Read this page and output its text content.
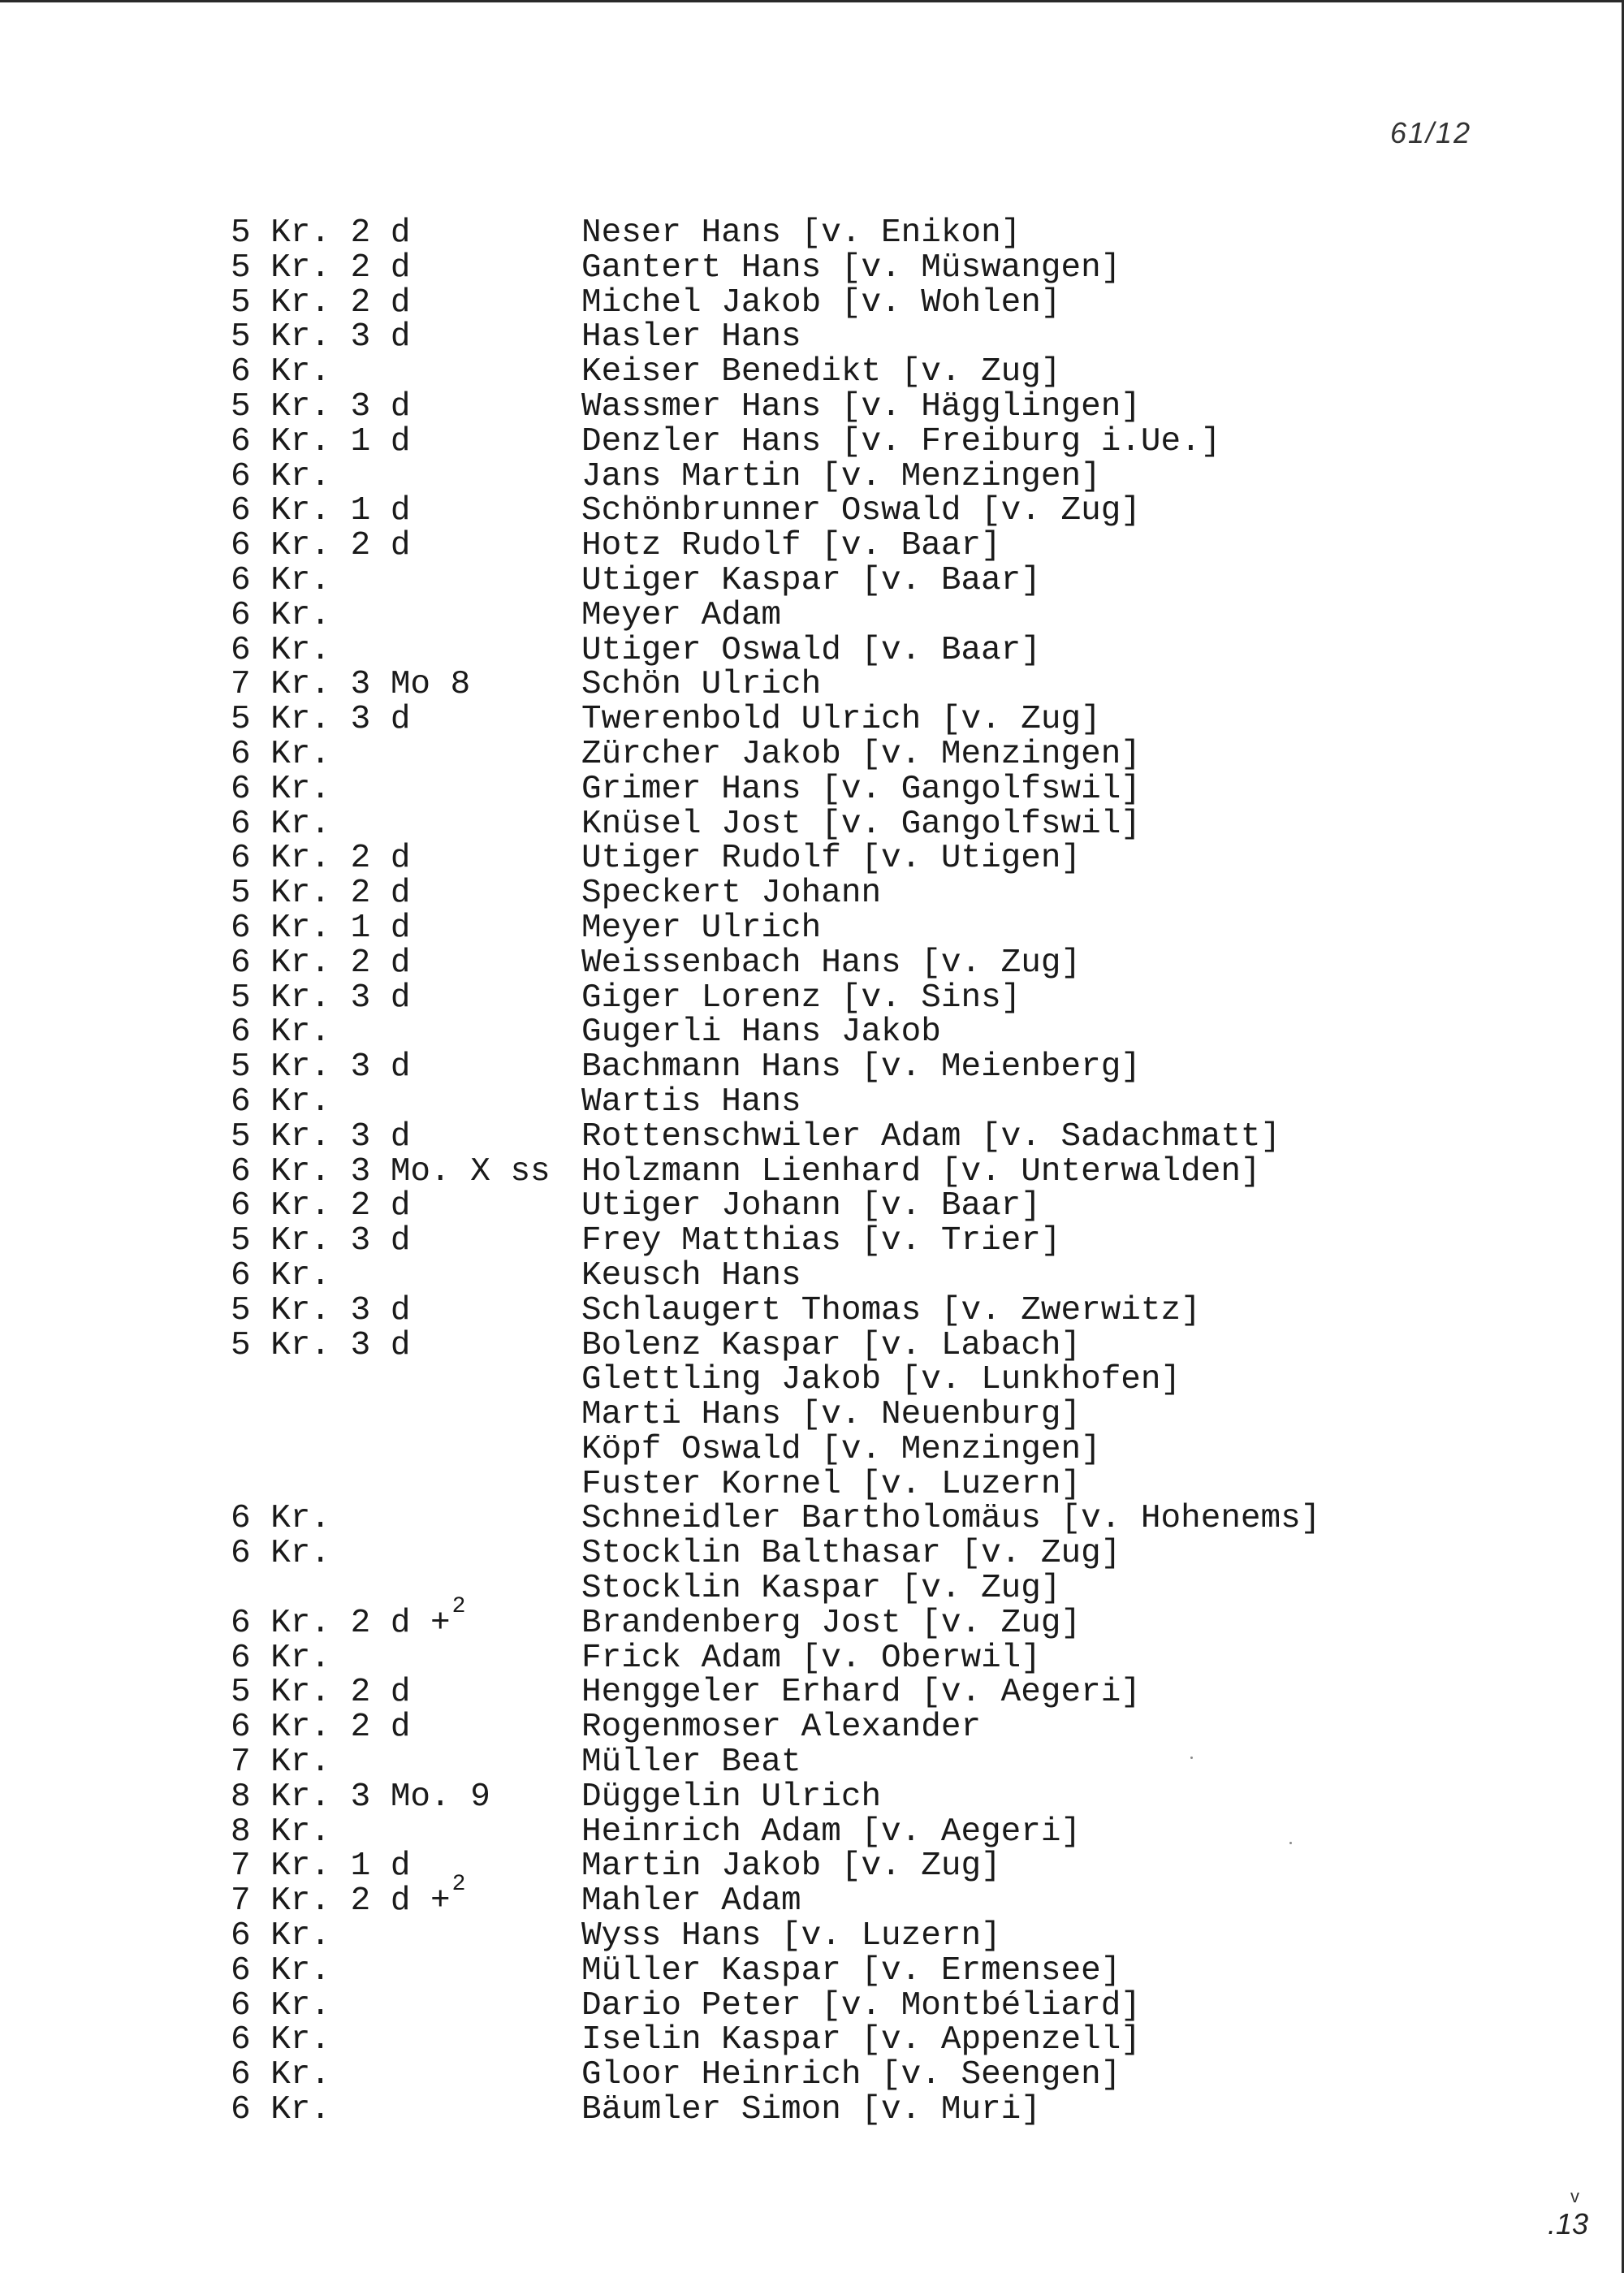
61/12
5 Kr. 2 d	Neser Hans [v. Enikon]
5 Kr. 2 d	Gantert Hans [v. Müswangen]
5 Kr. 2 d	Michel Jakob [v. Wohlen]
5 Kr. 3 d	Hasler Hans
6 Kr.	Keiser Benedikt [v. Zug]
5 Kr. 3 d	Wassmer Hans [v. Hägglingen]
6 Kr. 1 d	Denzler Hans [v. Freiburg i.Ue.]
6 Kr.	Jans Martin [v. Menzingen]
6 Kr. 1 d	Schönbrunner Oswald [v. Zug]
6 Kr. 2 d	Hotz Rudolf [v. Baar]
6 Kr.	Utiger Kaspar [v. Baar]
6 Kr.	Meyer Adam
6 Kr.	Utiger Oswald [v. Baar]
7 Kr. 3 Mo 8	Schön Ulrich
5 Kr. 3 d	Twerenbold Ulrich [v. Zug]
6 Kr.	Zürcher Jakob [v. Menzingen]
6 Kr.	Grimer Hans [v. Gangolfswil]
6 Kr.	Knüsel Jost [v. Gangolfswil]
6 Kr. 2 d	Utiger Rudolf [v. Utigen]
5 Kr. 2 d	Speckert Johann
6 Kr. 1 d	Meyer Ulrich
6 Kr. 2 d	Weissenbach Hans [v. Zug]
5 Kr. 3 d	Giger Lorenz [v. Sins]
6 Kr.	Gugerli Hans Jakob
5 Kr. 3 d	Bachmann Hans [v. Meienberg]
6 Kr.	Wartis Hans
5 Kr. 3 d	Rottenschwiler Adam [v. Sadachmatt]
6 Kr. 3 Mo. X ss Holzmann Lienhard [v. Unterwalden]
6 Kr. 2 d	Utiger Johann [v. Baar]
5 Kr. 3 d	Frey Matthias [v. Trier]
6 Kr.	Keusch Hans
5 Kr. 3 d	Schlaugert Thomas [v. Zwerwitz]
5 Kr. 3 d	Bolenz Kaspar [v. Labach]
Glettling Jakob [v. Lunkhofen]
Marti Hans [v. Neuenburg]
Köpf Oswald [v. Menzingen]
Fuster Kornel [v. Luzern]
6 Kr.	Schneidler Bartholomäus [v. Hohenems]
6 Kr.	Stocklin Balthasar [v. Zug]
Stocklin Kaspar [v. Zug]
6 Kr. 2 d +$^2$	Brandenberg Jost [v. Zug]
6 Kr.	Frick Adam [v. Oberwil]
5 Kr. 2 d	Henggeler Erhard [v. Aegeri]
6 Kr. 2 d	Rogenmoser Alexander
7 Kr.	Müller Beat
8 Kr. 3 Mo. 9	Düggelin Ulrich
8 Kr.	Heinrich Adam [v. Aegeri]
7 Kr. 1 d	Martin Jakob [v. Zug]
7 Kr. 2 d +$^2$	Mahler Adam
6 Kr.	Wyss Hans [v. Luzern]
6 Kr.	Müller Kaspar [v. Ermensee]
6 Kr.	Dario Peter [v. Montbéliard]
6 Kr.	Iselin Kaspar [v. Appenzell]
6 Kr.	Gloor Heinrich [v. Seengen]
6 Kr.	Bäumler Simon [v. Muri]
v
.13
